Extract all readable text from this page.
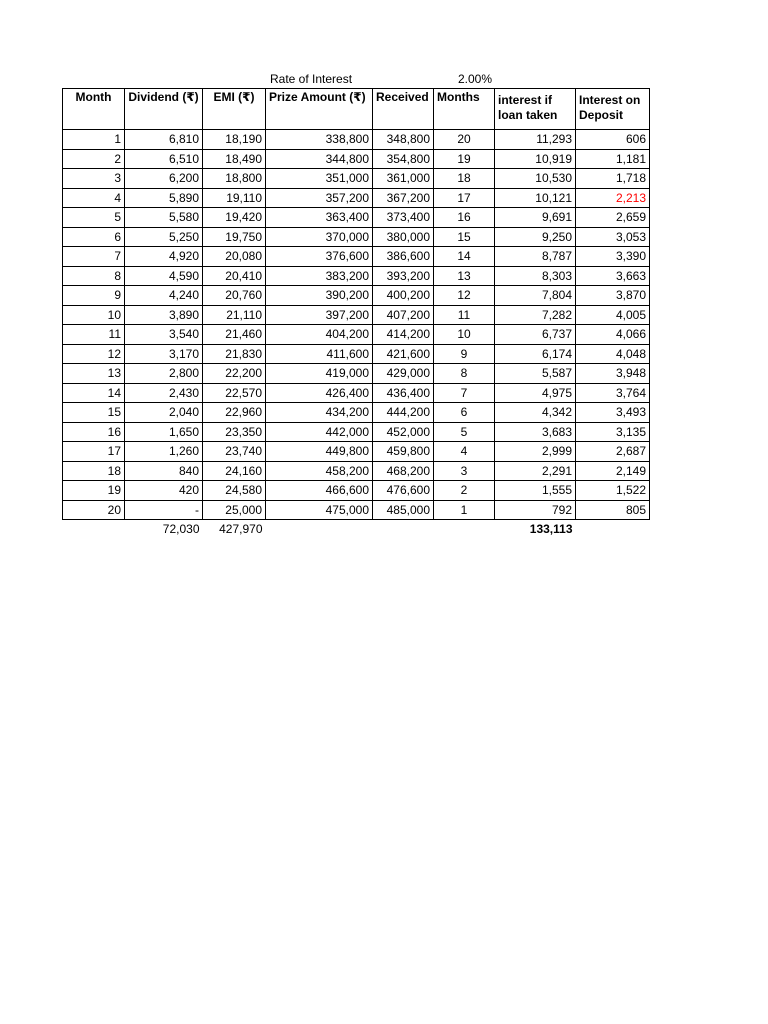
Rate of Interest	2.00%
Month	Dividend (₹)	EMI (₹)	Prize Amount (₹)	Received	Months	interest if loan taken	Interest on Deposit
1	6,810	18,190	338,800	348,800	20	11,293	606
2	6,510	18,490	344,800	354,800	19	10,919	1,181
3	6,200	18,800	351,000	361,000	18	10,530	1,718
4	5,890	19,110	357,200	367,200	17	10,121	2,213
5	5,580	19,420	363,400	373,400	16	9,691	2,659
6	5,250	19,750	370,000	380,000	15	9,250	3,053
7	4,920	20,080	376,600	386,600	14	8,787	3,390
8	4,590	20,410	383,200	393,200	13	8,303	3,663
9	4,240	20,760	390,200	400,200	12	7,804	3,870
10	3,890	21,110	397,200	407,200	11	7,282	4,005
11	3,540	21,460	404,200	414,200	10	6,737	4,066
12	3,170	21,830	411,600	421,600	9	6,174	4,048
13	2,800	22,200	419,000	429,000	8	5,587	3,948
14	2,430	22,570	426,400	436,400	7	4,975	3,764
15	2,040	22,960	434,200	444,200	6	4,342	3,493
16	1,650	23,350	442,000	452,000	5	3,683	3,135
17	1,260	23,740	449,800	459,800	4	2,999	2,687
18	840	24,160	458,200	468,200	3	2,291	2,149
19	420	24,580	466,600	476,600	2	1,555	1,522
20	-	25,000	475,000	485,000	1	792	805
	72,030	427,970				133,113	
